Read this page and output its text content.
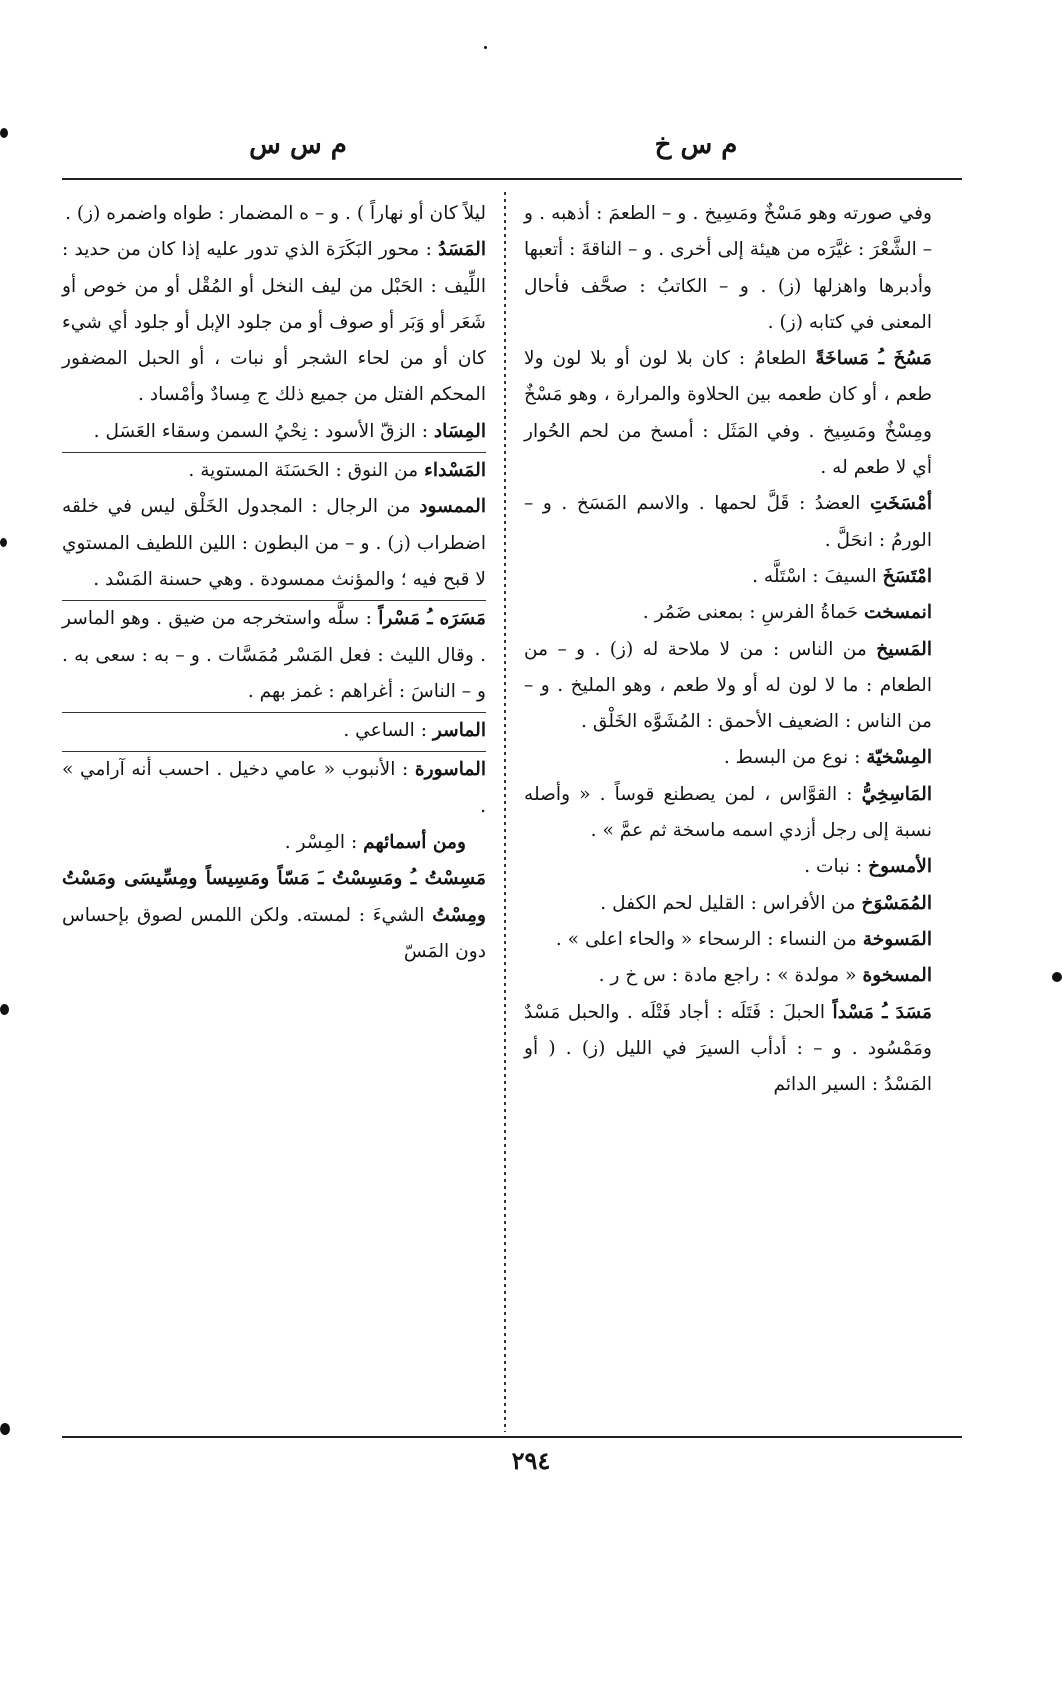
م س خ
م س س

وفي صورته وهو مَسْخٌ ومَسِيخ . و – الطعمَ : أذهبه . و – الشَّعْرَ : غيَّرَه من هيئة إلى أخرى . و – الناقةَ : أتعبها وأدبرها واهزلها (ز) . و – الكاتبُ : صحَّف فأحال المعنى في كتابه (ز) .

مَسُخَ ـُ مَساخَةً الطعامُ : كان بلا لون أو بلا لون ولا طعم ، أو كان طعمه بين الحلاوة والمرارة ، وهو مَسْخٌ ومِسْخٌ ومَسِيخ . وفي المَثَل : أمسخ من لحم الحُوار أي لا طعم له .

أمْسَخَتِ العضدُ : قَلَّ لحمها . والاسم المَسَخ . و – الورمُ : انحَلَّ .

امْتَسَخَ السيفَ : اسْتَلَّه .

انمسخت حَماةُ الفرسِ : بمعنى ضَمُر .

المَسيخ من الناس : من لا ملاحة له (ز) . و – من الطعام : ما لا لون له أو ولا طعم ، وهو المليخ . و – من الناس : الضعيف الأحمق : المُشَوَّه الخَلْق .

المِسْخيّة : نوع من البسط .

المَاسِخِيُّ : القوَّاس ، لمن يصطنع قوساً . « وأصله نسبة إلى رجل أزدي اسمه ماسخة ثم عمَّ » .

الأمسوخ : نبات .

المُمَسْوَخ من الأفراس : القليل لحم الكفل .

المَسوخة من النساء : الرسحاء « والحاء اعلى » .

المسخوة « مولدة » : راجع مادة : س خ ر .

مَسَدَ ـُ مَسْداً الحبلَ : فَتَلَه : أجاد فَتْلَه . والحبل مَسْدٌ ومَمْسُود . و – : أدأب السيرَ في الليل (ز) . ( أو المَسْدُ : السير الدائم

ليلاً كان أو نهاراً ) . و – ه المضمار : طواه واضمره (ز) .

المَسَدُ : محور البَكَرَة الذي تدور عليه إذا كان من حديد : اللِّيف : الحَبْل من ليف النخل أو المُقْل أو من خوص أو شَعَر أو وَبَر أو صوف أو من جلود الإبل أو جلود أي شيء كان أو من لحاء الشجر أو نبات ، أو الحبل المضفور المحكم الفتل من جميع ذلك ج مِسادٌ وأمْساد .

المِسَاد : الزقّ الأسود : نِحْيُ السمن وسقاء العَسَل .

المَسْداء من النوق : الحَسَنَة المستوية .

الممسود من الرجال : المجدول الخَلْق ليس في خلقه اضطراب (ز) . و – من البطون : اللين اللطيف المستوي لا قبح فيه ؛ والمؤنث ممسودة . وهي حسنة المَسْد .

مَسَرَه ـُ مَسْراً : سلَّه واستخرجه من ضيق . وهو الماسر . وقال الليث : فعل المَسْر مُمَسَّات . و – به : سعى به . و – الناسَ : أغراهم : غمز بهم .

الماسر : الساعي .

الماسورة : الأنبوب « عامي دخيل . احسب أنه آرامي » .

ومن أسمائهم : المِسْر .

مَسِسْتُ ـُ ومَسِسْتُ ـَ مَسّاً ومَسِيساً ومِسِّيسَى ومَسْتُ ومِسْتُ الشيءَ : لمسته. ولكن اللمس لصوق بإحساس دون المَسّ

٢٩٤
